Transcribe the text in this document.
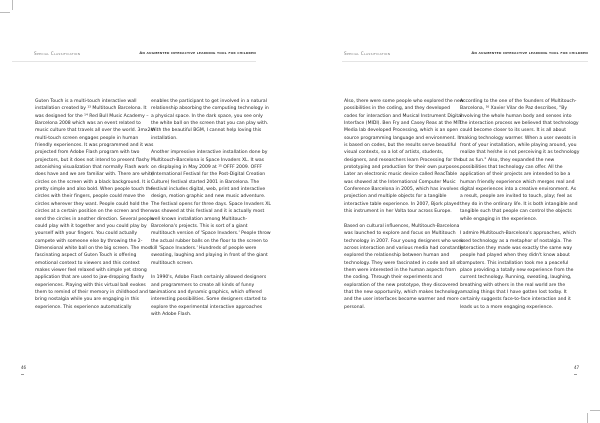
Special Classification	An augmented interactive learning tool for children

Guten Touch is a multi-touch interactive wall installation created by ¹³ Multitouch Barcelona. It was designed for the ¹⁴ Red Bull Music Academy – Barcelona 2008 which was an event related to music culture that travels all over the world. 3mx2m multi-touch screen engages people in human friendly experiences. It was programmed and it was projected from Adobe Flash program with two projectors, but it does not intend to present flashy astonishing visualization that normally Flash work does have and we are familiar with. There are white circles on the screen with a black background. It is pretty simple and also bold. When people touch the circles with their fingers, people could move the circles wherever they want. People could hold the circles at a certain position on the screen and then send the circles in another direction. Several people could play with it together and you could play by yourself with your fingers. You could actually compete with someone else by throwing the 2-Dimensional white ball on the big screen. The most fascinating aspect of Guten Touch is offering emotional context to viewers and this context makes viewer feel relaxed with simple yet strong application that are used to jaw-dropping flashy experiences. Playing with this virtual ball evokes them to remind of their memory in childhood and to bring nostalgia while you are engaging in this experience. This experience automatically

enables the participant to get involved in a natural relationship absorbing the computing technology in a physical space. In the dark space, you see only the white ball on the screen that you can play with. With the beautiful BGM, I cannot help loving this installation.

Another impressive interactive installation done by Multitouch-Barcelona is Space Invaders XL. It was on displaying in May 2009 at ¹⁵ OFFF 2009. OFFF (International Festival for the Post-Digital Creation Culture) festival started 2001 in Barcelona. The festival includes digital, web, print and interactive design, motion graphic and new music adventure. The festival opens for three days. Space Invaders XL was showed at this festival and it is actually most well known installation among Multitouch-Barcelona's projects. This is sort of a giant multitouch version of 'Space Invaders.' People throw the actual rubber balls on the floor to the screen to kill 'Space Invaders.' Hundreds of people were sweating, laughing and playing in front of the giant multitouch screen.

In 1990's, Adobe Flash certainly allowed designers and programmers to create all kinds of funny animations and dynamic graphics, which offered interesting possibilities. Some designers started to explore the experimental interactive approaches with Adobe Flash.

46
Special Classification	An augmented interactive learning tool for children

Also, there were some people who explored the new possibilities in the coding, and they developed codes for interaction and Musical Instrument Digital Interface (MIDI). Ben Fry and Casey Reas at the MIT Media lab developed Processing, which is an open source programming language and environment. It is based on codes, but the results serve beautiful visual contexts, so a lot of artists, students, designers, and researchers learn Processing for the prototyping and production for their own purposes. Later an electronic music device called ReacTable was showed at the International Computer Music Conference Barcelona in 2005, which has involves projection and multiple objects for a tangible interactive table experience. In 2007, Bjork played this instrument in her Volta tour across Europe.

Based on cultural influences, Multitouch-Barcelona was launched to explore and focus on Multitouch technology in 2007. Four young designers who work across interaction and various media had constantly explored the relationship between human and technology. They were fascinated in code and all of them were interested in the human aspects from the coding. Through their experiments and exploration of the new prototype, they discovered that the new opportunity, which makes technology and the user interfaces become warmer and more personal.

According to the one of the founders of Multitouch-Barcelona, ¹⁶ Xavier Vilar de Paz describes, "By involving the whole human body and senses into the interaction process we believed that technology could become closer to its users. It is all about making technology warmer. When a user sweats in front of your installation, while playing around, you realize that he/she is not perceiving it as technology but as fun." Also, they expanded the new possibilities that technology can offer. All the application of their projects are intended to be a human friendly experience which merges real and digital experiences into a creative environment. As a result, people are invited to touch, play; feel as they do in the ordinary life. It is both intangible and tangible such that people can control the objects while engaging in the experience.

I admire Multitouch-Barcelona's approaches, which used technology as a metaphor of nostalgia. The interaction they made was exactly the same way people had played when they didn't know about computers. This installation took me a peaceful place providing a totally new experience from the current technology. Running, sweating, laughing, breathing with others in the real world are the amazing things that I have gotten lost today. It certainly suggests face-to-face interaction and it leads us to a more engaging experience.

47
